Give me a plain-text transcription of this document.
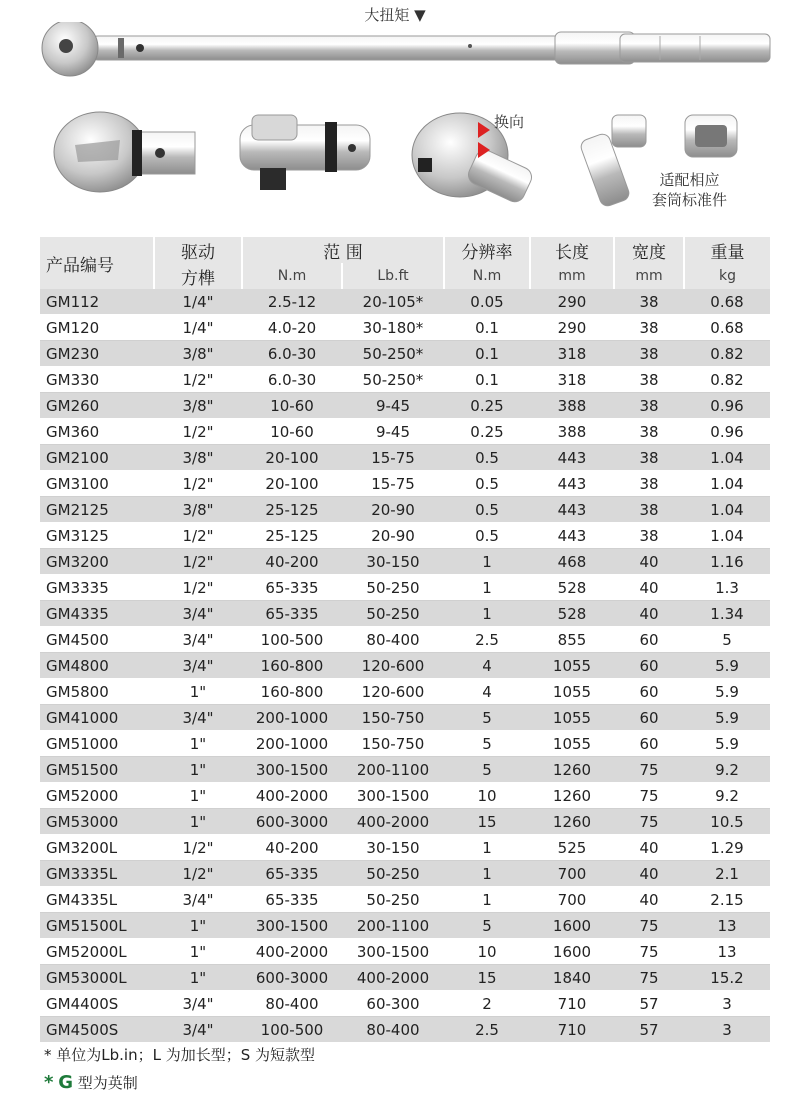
大扭矩 ▼
换向
适配相应
套筒标准件
产品编号	驱动	范 围		分辨率	长度	宽度	重量
	方榫	N.m	Lb.ft	N.m	mm	mm	kg
GM112	1/4"	2.5-12	20-105*	0.05	290	38	0.68
GM120	1/4"	4.0-20	30-180*	0.1	290	38	0.68
GM230	3/8"	6.0-30	50-250*	0.1	318	38	0.82
GM330	1/2"	6.0-30	50-250*	0.1	318	38	0.82
GM260	3/8"	10-60	9-45	0.25	388	38	0.96
GM360	1/2"	10-60	9-45	0.25	388	38	0.96
GM2100	3/8"	20-100	15-75	0.5	443	38	1.04
GM3100	1/2"	20-100	15-75	0.5	443	38	1.04
GM2125	3/8"	25-125	20-90	0.5	443	38	1.04
GM3125	1/2"	25-125	20-90	0.5	443	38	1.04
GM3200	1/2"	40-200	30-150	1	468	40	1.16
GM3335	1/2"	65-335	50-250	1	528	40	1.3
GM4335	3/4"	65-335	50-250	1	528	40	1.34
GM4500	3/4"	100-500	80-400	2.5	855	60	5
GM4800	3/4"	160-800	120-600	4	1055	60	5.9
GM5800	1"	160-800	120-600	4	1055	60	5.9
GM41000	3/4"	200-1000	150-750	5	1055	60	5.9
GM51000	1"	200-1000	150-750	5	1055	60	5.9
GM51500	1"	300-1500	200-1100	5	1260	75	9.2
GM52000	1"	400-2000	300-1500	10	1260	75	9.2
GM53000	1"	600-3000	400-2000	15	1260	75	10.5
GM3200L	1/2"	40-200	30-150	1	525	40	1.29
GM3335L	1/2"	65-335	50-250	1	700	40	2.1
GM4335L	3/4"	65-335	50-250	1	700	40	2.15
GM51500L	1"	300-1500	200-1100	5	1600	75	13
GM52000L	1"	400-2000	300-1500	10	1600	75	13
GM53000L	1"	600-3000	400-2000	15	1840	75	15.2
GM4400S	3/4"	80-400	60-300	2	710	57	3
GM4500S	3/4"	100-500	80-400	2.5	710	57	3
* 单位为Lb.in；L 为加长型；S 为短款型
* G 型为英制
